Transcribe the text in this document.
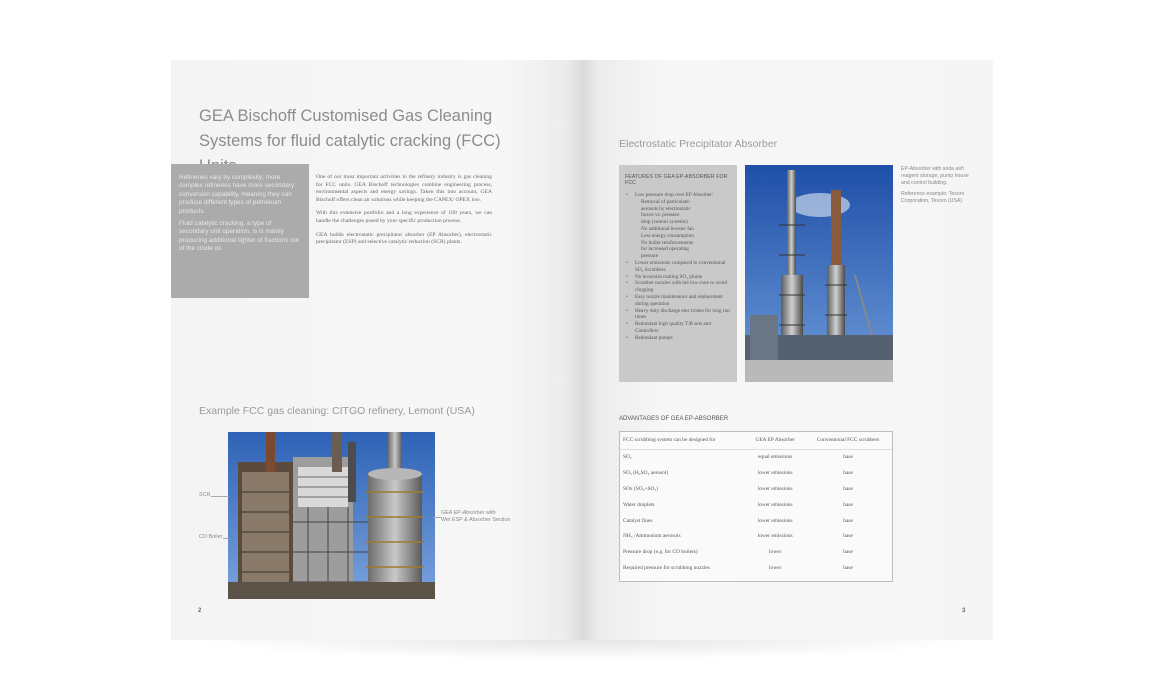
GEA Bischoff Customised Gas Cleaning
Systems for fluid catalytic cracking (FCC)

Refineries vary by complexity; more complex refineries have more secondary conversion capability, meaning they can produce different types of petroleum products.

Fluid catalytic cracking, a type of secondary unit operation, is is mainly producing additional lighter of fractions out of the crude oil.

One of our most important activities in the refinery industry is gas cleaning for FCC units. GEA Bischoff technologies combine engineering process, environmental aspects and energy savings. Taken this into account, GEA Bischoff offers clean air solutions while keeping the CAPEX/ OPEX low.

With this extensive portfolio and a long experience of 100 years, we can handle the challenges posed by your specific production process.

GEA builds electrostatic precipitator absorber (EP Absorber), electrostatic precipitator (ESP) and selective catalytic reduction (SCR) plants.

Example FCC gas cleaning: CITGO refinery, Lemont (USA)
SCR
CO Boiler
GEA EP-Absorber with
Wet ESP & Absorber Section
2
Electrostatic Precipitator Absorber
FEATURES OF GEA EP-ABSORBER FOR FCC
• Low pressure drop over EP Absorber:
Removal of particulate/
aerosols by electrostatic
forces vs. pressure
drop (venturi systems)
No additional booster fan
Less energy consumption
No boiler reinforcements
for increased operating
pressure
• Lower emissions compared to conventional SO₂ Scrubbers
• No brownish trailing SO₃ plume
• Scrubber nozzles with bel low cone to avoid clogging
• Easy nozzle maintenance and replacement during operation
• Heavy duty discharge elec trodes for long run times
• Redundant high quality T/R sets and Controllers
• Redundant pumps

EP-Absorber with soda ash reagent storage, pump house and control building.

Reference example: Tesoro Corporation, Tesoro (USA)

ADVANTAGES OF GEA EP-ABSORBER
FCC scrubbing system can be designed for	GEA EP Absorber	Conventional FCC scrubbers
SO₂	equal emissions	base
SO₃ (H₂SO₄ aerosol)	lower emissions	base
SOx (SO₂+SO₃)	lower emissions	base
Water droplets	lower emissions	base
Catalyst fines	lower emissions	base
NH₃ /Ammonium aerosols	lower emissions	base
Pressure drop (e.g. for CO boilers)	lower	base
Required pressure for scrubbing nozzles	lower	base
3
